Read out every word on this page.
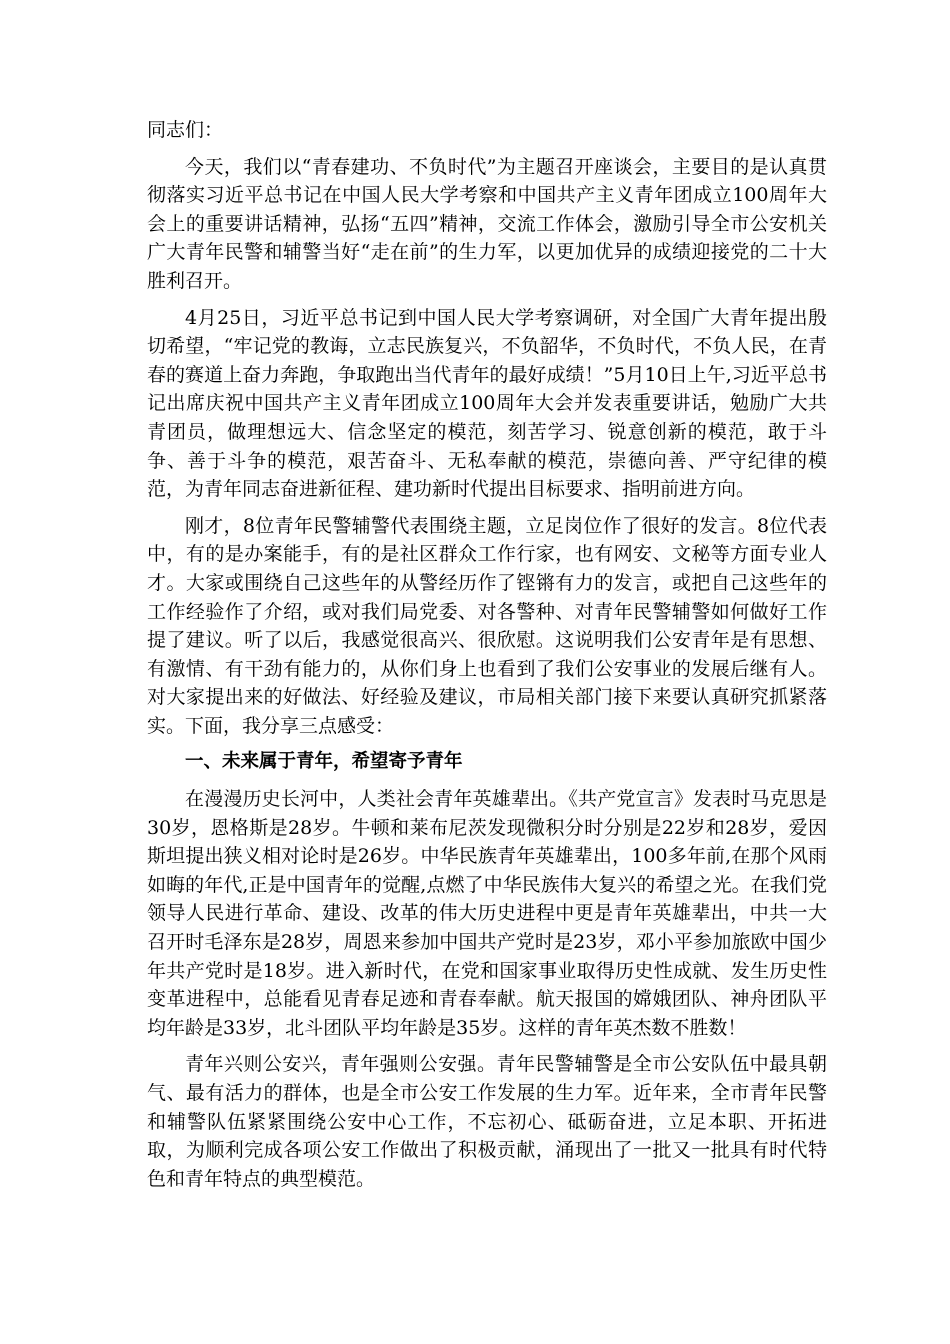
同志们：

今天，我们以“青春建功、不负时代”为主题召开座谈会，主要目的是认真贯彻落实习近平总书记在中国人民大学考察和中国共产主义青年团成立100周年大会上的重要讲话精神，弘扬“五四”精神，交流工作体会，激励引导全市公安机关广大青年民警和辅警当好“走在前”的生力军，以更加优异的成绩迎接党的二十大胜利召开。

4月25日，习近平总书记到中国人民大学考察调研，对全国广大青年提出殷切希望，“牢记党的教诲，立志民族复兴，不负韶华，不负时代，不负人民，在青春的赛道上奋力奔跑，争取跑出当代青年的最好成绩！”5月10日上午,习近平总书记出席庆祝中国共产主义青年团成立100周年大会并发表重要讲话，勉励广大共青团员，做理想远大、信念坚定的模范，刻苦学习、锐意创新的模范，敢于斗争、善于斗争的模范，艰苦奋斗、无私奉献的模范，崇德向善、严守纪律的模范，为青年同志奋进新征程、建功新时代提出目标要求、指明前进方向。

刚才，8位青年民警辅警代表围绕主题，立足岗位作了很好的发言。8位代表中，有的是办案能手，有的是社区群众工作行家，也有网安、文秘等方面专业人才。大家或围绕自己这些年的从警经历作了铿锵有力的发言，或把自己这些年的工作经验作了介绍，或对我们局党委、对各警种、对青年民警辅警如何做好工作提了建议。听了以后，我感觉很高兴、很欣慰。这说明我们公安青年是有思想、有激情、有干劲有能力的，从你们身上也看到了我们公安事业的发展后继有人。对大家提出来的好做法、好经验及建议，市局相关部门接下来要认真研究抓紧落实。下面，我分享三点感受：

一、未来属于青年，希望寄予青年

在漫漫历史长河中，人类社会青年英雄辈出。《共产党宣言》发表时马克思是30岁，恩格斯是28岁。牛顿和莱布尼茨发现微积分时分别是22岁和28岁，爱因斯坦提出狭义相对论时是26岁。中华民族青年英雄辈出，100多年前,在那个风雨如晦的年代,正是中国青年的觉醒,点燃了中华民族伟大复兴的希望之光。在我们党领导人民进行革命、建设、改革的伟大历史进程中更是青年英雄辈出，中共一大召开时毛泽东是28岁，周恩来参加中国共产党时是23岁，邓小平参加旅欧中国少年共产党时是18岁。进入新时代，在党和国家事业取得历史性成就、发生历史性变革进程中，总能看见青春足迹和青春奉献。航天报国的嫦娥团队、神舟团队平均年龄是33岁，北斗团队平均年龄是35岁。这样的青年英杰数不胜数！

青年兴则公安兴，青年强则公安强。青年民警辅警是全市公安队伍中最具朝气、最有活力的群体，也是全市公安工作发展的生力军。近年来，全市青年民警和辅警队伍紧紧围绕公安中心工作，不忘初心、砥砺奋进，立足本职、开拓进取，为顺利完成各项公安工作做出了积极贡献，涌现出了一批又一批具有时代特色和青年特点的典型模范。
